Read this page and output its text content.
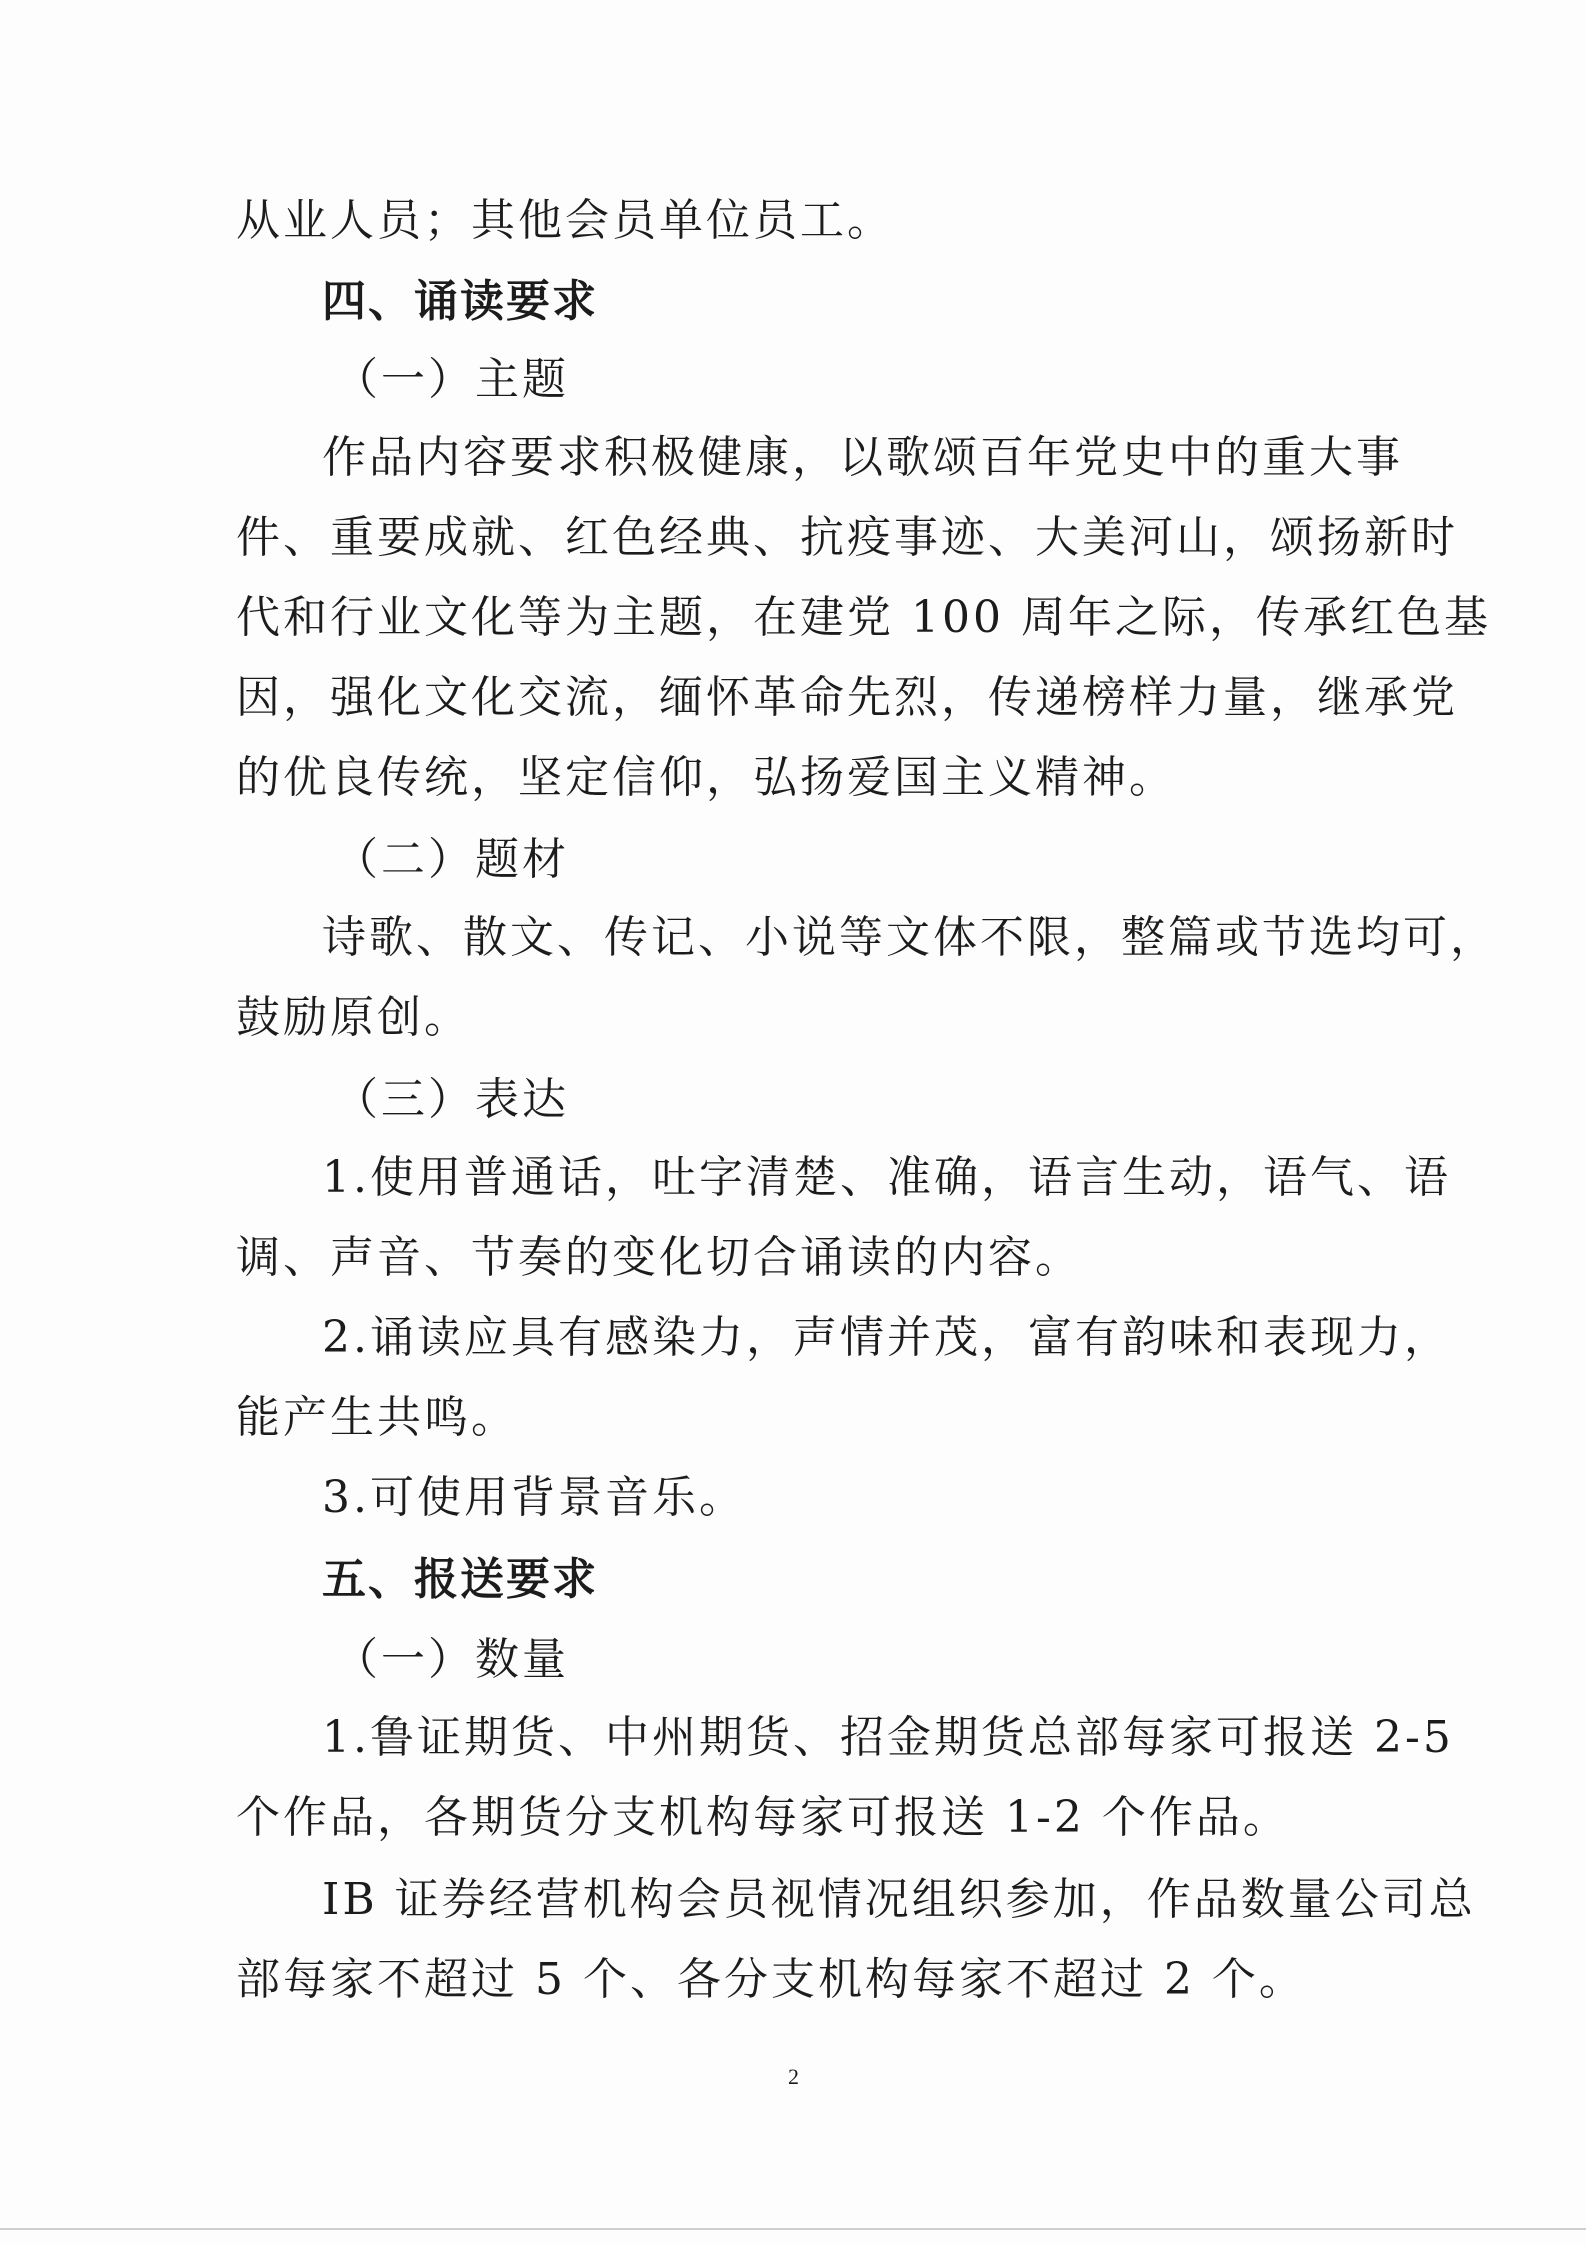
从业人员；其他会员单位员工。
四、诵读要求
（一）主题
作品内容要求积极健康，以歌颂百年党史中的重大事
件、重要成就、红色经典、抗疫事迹、大美河山，颂扬新时
代和行业文化等为主题，在建党 100 周年之际，传承红色基
因，强化文化交流，缅怀革命先烈，传递榜样力量，继承党
的优良传统，坚定信仰，弘扬爱国主义精神。
（二）题材
诗歌、散文、传记、小说等文体不限，整篇或节选均可，
鼓励原创。
（三）表达
1.使用普通话，吐字清楚、准确，语言生动，语气、语
调、声音、节奏的变化切合诵读的内容。
2.诵读应具有感染力，声情并茂，富有韵味和表现力，
能产生共鸣。
3.可使用背景音乐。
五、报送要求
（一）数量
1.鲁证期货、中州期货、招金期货总部每家可报送 2-5
个作品，各期货分支机构每家可报送 1-2 个作品。
IB 证券经营机构会员视情况组织参加，作品数量公司总
部每家不超过 5 个、各分支机构每家不超过 2 个。
2
